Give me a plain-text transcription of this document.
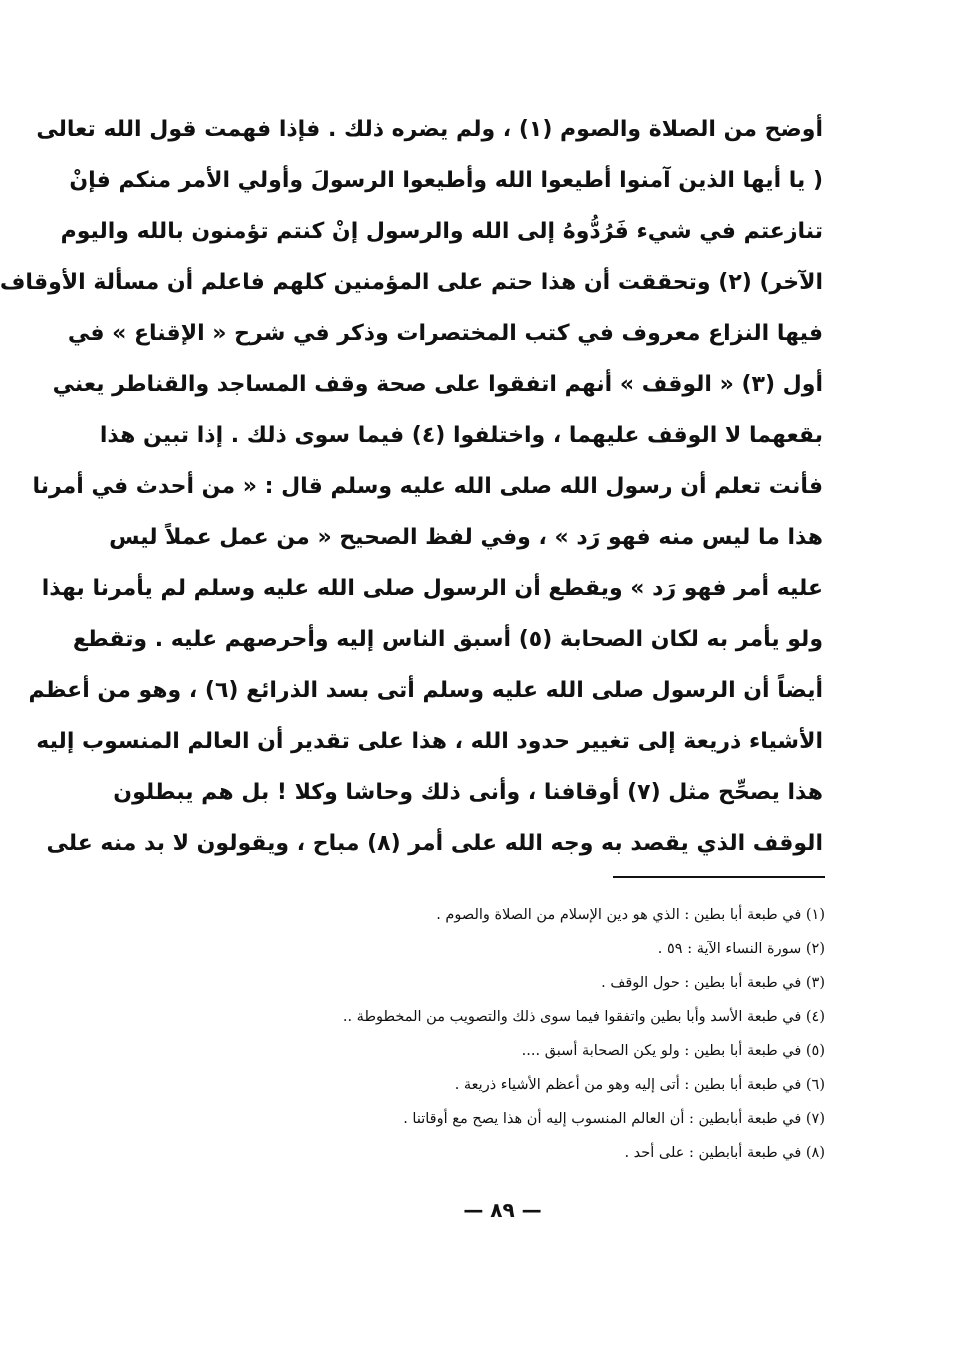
أوضح من الصلاة والصوم (١) ، ولم يضره ذلك . فإذا فهمت قول الله تعالى
( يا أيها الذين آمنوا أطيعوا الله وأطيعوا الرسولَ وأولي الأمر منكم فإنْ
تنازعتم في شيء فَرُدُّوهُ إلى الله والرسول إنْ كنتم تؤمنون بالله واليوم
الآخر) (٢) وتحققت أن هذا حتم على المؤمنين كلهم فاعلم أن مسألة الأوقاف
فيها النزاع معروف في كتب المختصرات وذكر في شرح « الإقناع » في
أول (٣) « الوقف » أنهم اتفقوا على صحة وقف المساجد والقناطر يعني
بقعهما لا الوقف عليهما ، واختلفوا (٤) فيما سوى ذلك . إذا تبين هذا
فأنت تعلم أن رسول الله صلى الله عليه وسلم قال : « من أحدث في أمرنا
هذا ما ليس منه فهو رَد » ، وفي لفظ الصحيح « من عمل عملاً ليس
عليه أمر فهو رَد » ويقطع أن الرسول صلى الله عليه وسلم لم يأمرنا بهذا
ولو يأمر به لكان الصحابة (٥) أسبق الناس إليه وأحرصهم عليه . وتقطع
أيضاً أن الرسول صلى الله عليه وسلم أتى بسد الذرائع (٦) ، وهو من أعظم
الأشياء ذريعة إلى تغيير حدود الله ، هذا على تقدير أن العالم المنسوب إليه
هذا يصحِّح مثل (٧) أوقافنا ، وأنى ذلك وحاشا وكلا ! بل هم يبطلون
الوقف الذي يقصد به وجه الله على أمر (٨) مباح ، ويقولون لا بد منه على
(١) في طبعة أبا بطين : الذي هو دين الإسلام من الصلاة والصوم .
(٢) سورة النساء الآية : ٥٩ .
(٣) في طبعة أبا بطين : حول الوقف .
(٤) في طبعة الأسد وأبا بطين واتفقوا فيما سوى ذلك والتصويب من المخطوطة ..
(٥) في طبعة أبا بطين : ولو يكن الصحابة أسبق ....
(٦) في طبعة أبا بطين : أتى إليه وهو من أعظم الأشياء ذريعة .
(٧) في طبعة أبابطين : أن العالم المنسوب إليه أن هذا يصح مع أوقاتنا .
(٨) في طبعة أبابطين : على أحد .
— ٨٩ —
